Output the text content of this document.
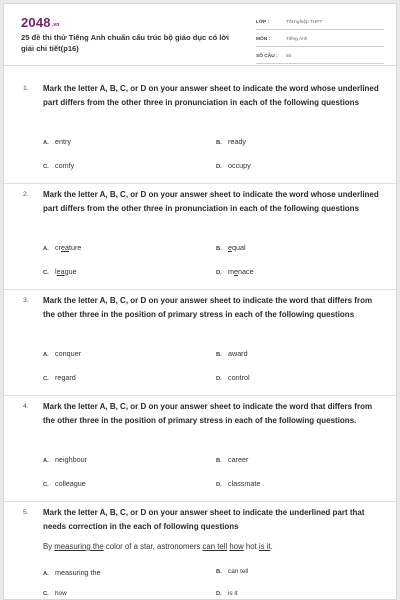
2048.vn
25 đề thi thử Tiếng Anh chuẩn cấu trúc bộ giáo dục có lời giải chi tiết(p16)
LỚP :	Tốt nghiệp THPT
MÔN :	Tiếng Anh
SỐ CÂU :	50
1. Mark the letter A, B, C, or D on your answer sheet to indicate the word whose underlined part differs from the other three in pronunciation in each of the following questions
A. entry	B. ready
C. comfy	D. occupy
2. Mark the letter A, B, C, or D on your answer sheet to indicate the word whose underlined part differs from the other three in pronunciation in each of the following questions
A. creature	B. equal
C. league	D. menace
3. Mark the letter A, B, C, or D on your answer sheet to indicate the word that differs from the other three in the position of primary stress in each of the following questions
A. conquer	B. award
C. regard	D. control
4. Mark the letter A, B, C, or D on your answer sheet to indicate the word that differs from the other three in the position of primary stress in each of the following questions.
A. neighbour	B. career
C. colleague	D. classmate
5. Mark the letter A, B, C, or D on your answer sheet to indicate the underlined part that needs correction in the each of following questions
By measuring the color of a star, astronomers can tell how hot is it.
A. measuring the	B. can tell
C. how	D. is it
